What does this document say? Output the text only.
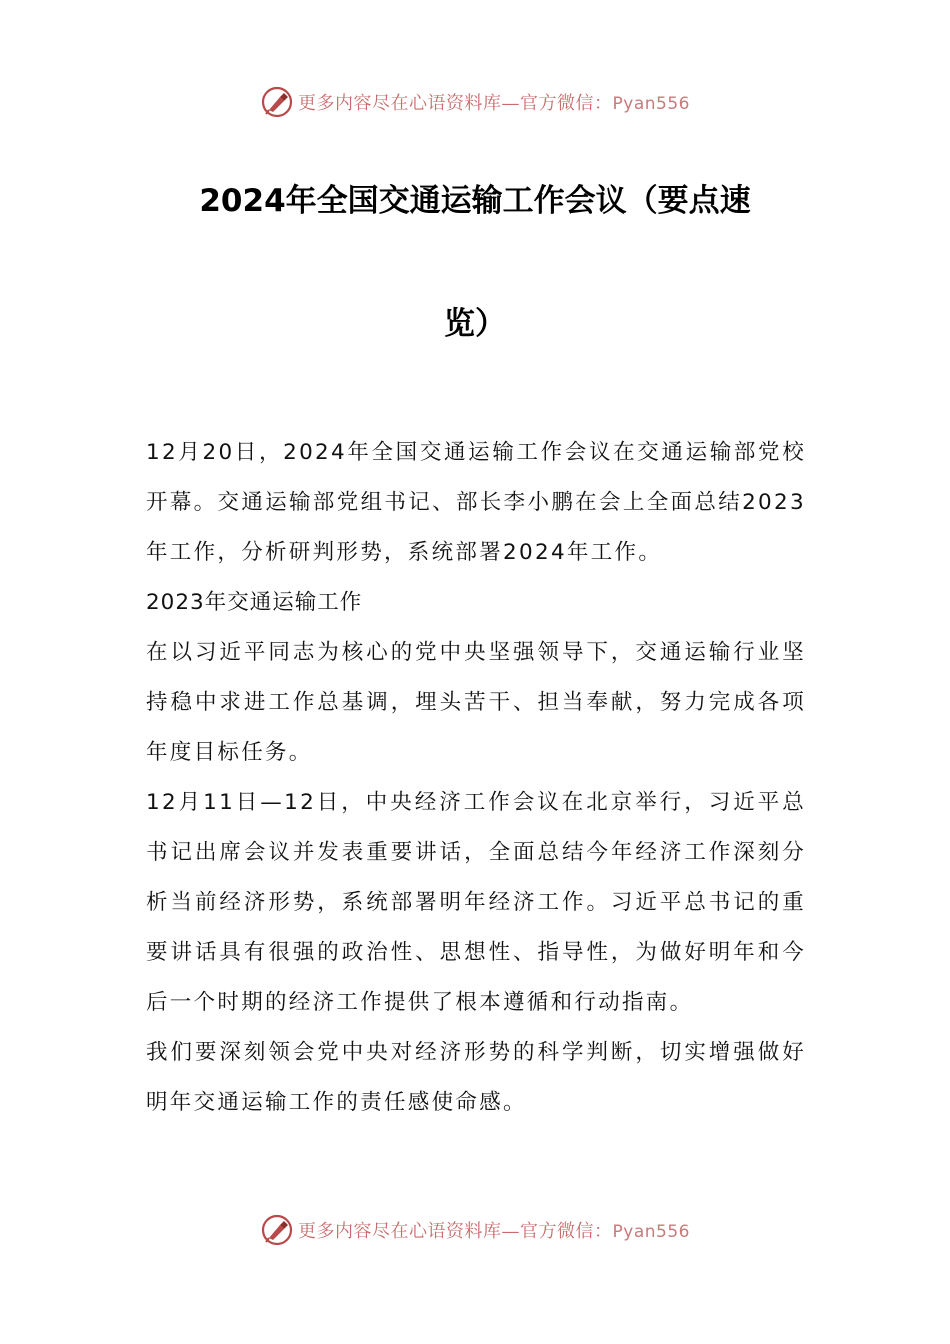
更多内容尽在心语资料库—官方微信：Pyan556
2024年全国交通运输工作会议（要点速
览）

12月20日，2024年全国交通运输工作会议在交通运输部党校开幕。交通运输部党组书记、部长李小鹏在会上全面总结2023年工作，分析研判形势，系统部署2024年工作。

2023年交通运输工作

在以习近平同志为核心的党中央坚强领导下，交通运输行业坚持稳中求进工作总基调，埋头苦干、担当奉献，努力完成各项年度目标任务。

12月11日—12日，中央经济工作会议在北京举行，习近平总书记出席会议并发表重要讲话，全面总结今年经济工作深刻分析当前经济形势，系统部署明年经济工作。习近平总书记的重要讲话具有很强的政治性、思想性、指导性，为做好明年和今后一个时期的经济工作提供了根本遵循和行动指南。

我们要深刻领会党中央对经济形势的科学判断，切实增强做好明年交通运输工作的责任感使命感。

更多内容尽在心语资料库—官方微信：Pyan556
